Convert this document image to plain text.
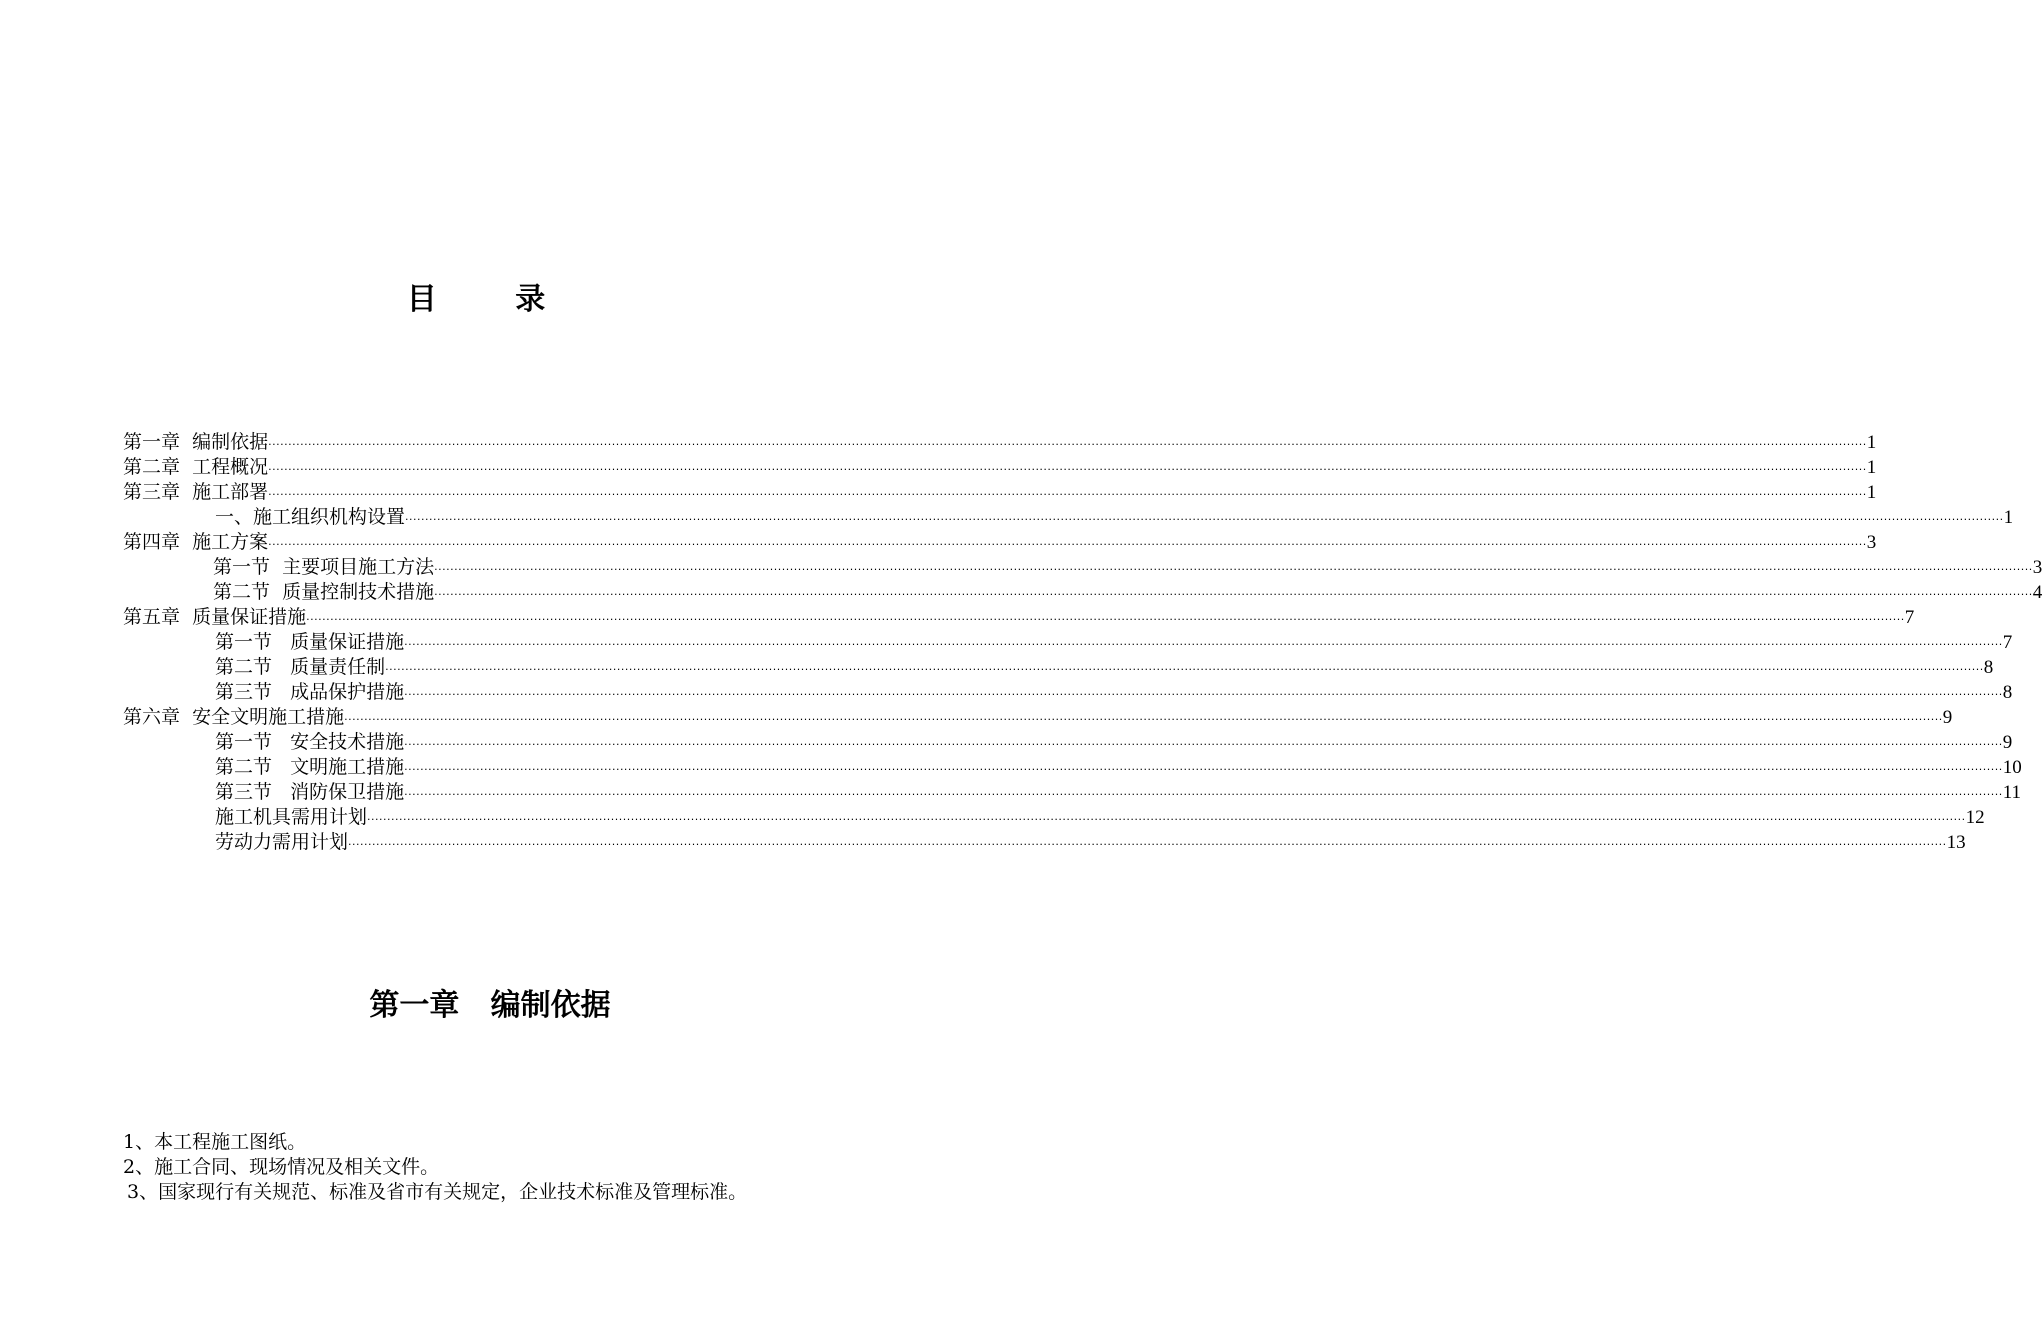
目 录
第一章  编制依据 ················································································································································································································································································································································································································ 1
第二章  工程概况 ················································································································································································································································································································································································································ 1
第三章  施工部署 ················································································································································································································································································································································································································ 1
一、施工组织机构设置 ················································································································································································································································································································································································································ 1
第四章  施工方案 ················································································································································································································································································································································································································ 3
第一节  主要项目施工方法 ················································································································································································································································································································································································································ 3
第二节  质量控制技术措施 ················································································································································································································································································································································································································ 4
第五章  质量保证措施 ················································································································································································································································································································································································································ 7
第一节   质量保证措施 ················································································································································································································································································································································································································ 7
第二节   质量责任制 ················································································································································································································································································································································································································ 8
第三节   成品保护措施 ················································································································································································································································································································································································································ 8
第六章  安全文明施工措施 ················································································································································································································································································································································································································ 9
第一节   安全技术措施 ················································································································································································································································································································································································································ 9
第二节   文明施工措施 ················································································································································································································································································································································································································ 10
第三节   消防保卫措施 ················································································································································································································································································································································································································ 11
施工机具需用计划 ················································································································································································································································································································································································································ 12
劳动力需用计划 ················································································································································································································································································································································································································ 13
第一章   编制依据
1、本工程施工图纸。
2、施工合同、现场情况及相关文件。
3、国家现行有关规范、标准及省市有关规定，企业技术标准及管理标准。
